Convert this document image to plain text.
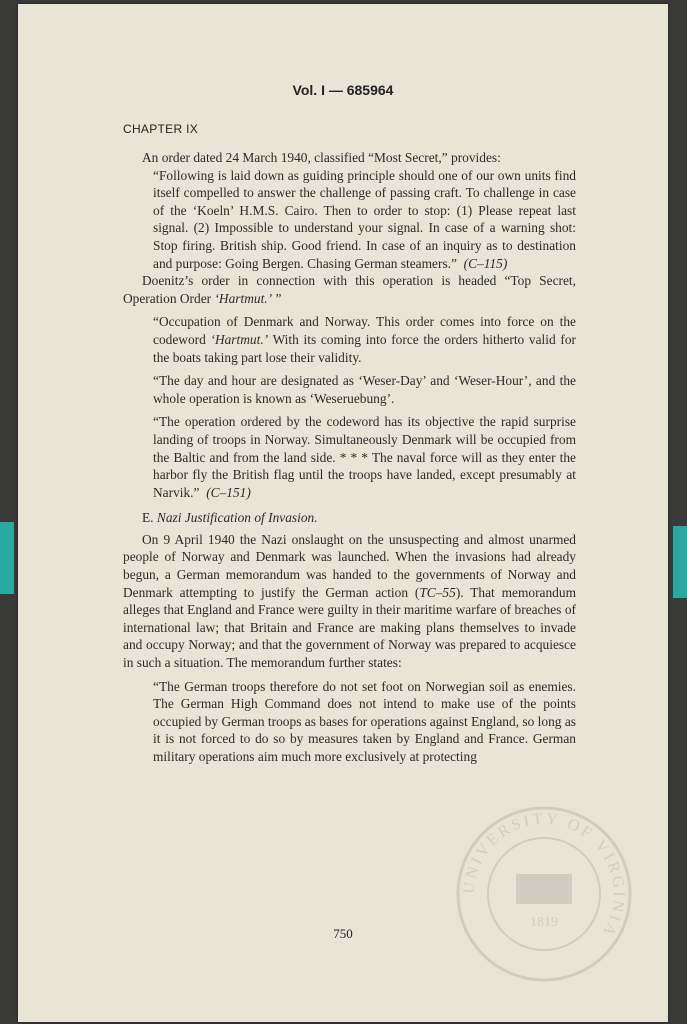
Vol. I — 685964
CHAPTER IX

An order dated 24 March 1940, classified “Most Secret,” provides:

“Following is laid down as guiding principle should one of our own units find itself compelled to answer the challenge of passing craft. To challenge in case of the ‘Koeln’ H.M.S. Cairo. Then to order to stop: (1) Please repeat last signal. (2) Impossible to understand your signal. In case of a warning shot: Stop firing. British ship. Good friend. In case of an inquiry as to destination and purpose: Going Bergen. Chasing German steamers.” (C–115)

Doenitz’s order in connection with this operation is headed “Top Secret, Operation Order ‘Hartmut.’ ”

“Occupation of Denmark and Norway. This order comes into force on the codeword ‘Hartmut.’ With its coming into force the orders hitherto valid for the boats taking part lose their validity.

“The day and hour are designated as ‘Weser-Day’ and ‘Weser-Hour’, and the whole operation is known as ‘Weseruebung’.

“The operation ordered by the codeword has its objective the rapid surprise landing of troops in Norway. Simultaneously Denmark will be occupied from the Baltic and from the land side. * * * The naval force will as they enter the harbor fly the British flag until the troops have landed, except presumably at Narvik.” (C–151)

E. Nazi Justification of Invasion.

On 9 April 1940 the Nazi onslaught on the unsuspecting and almost unarmed people of Norway and Denmark was launched. When the invasions had already begun, a German memorandum was handed to the governments of Norway and Denmark attempting to justify the German action (TC–55). That memorandum alleges that England and France were guilty in their maritime warfare of breaches of international law; that Britain and France are making plans themselves to invade and occupy Norway; and that the government of Norway was prepared to acquiesce in such a situation. The memorandum further states:

“The German troops therefore do not set foot on Norwegian soil as enemies. The German High Command does not intend to make use of the points occupied by German troops as bases for operations against England, so long as it is not forced to do so by measures taken by England and France. German military operations aim much more exclusively at protecting

750
UNIVERSITY OF VIRGINIA
1819
